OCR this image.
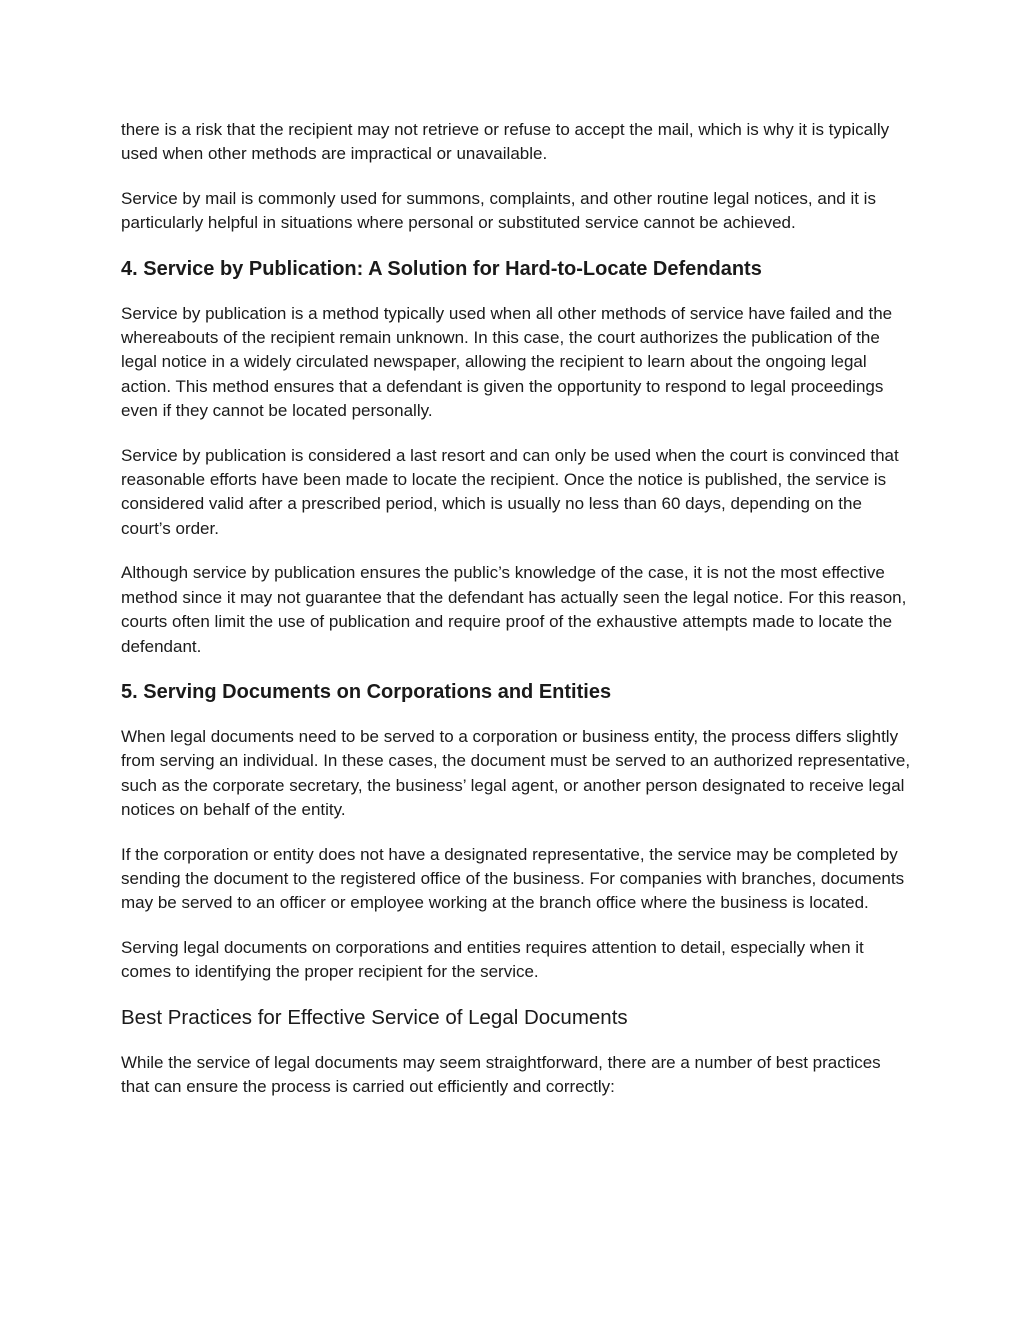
there is a risk that the recipient may not retrieve or refuse to accept the mail, which is why it is typically used when other methods are impractical or unavailable.

Service by mail is commonly used for summons, complaints, and other routine legal notices, and it is particularly helpful in situations where personal or substituted service cannot be achieved.

4. Service by Publication: A Solution for Hard-to-Locate Defendants

Service by publication is a method typically used when all other methods of service have failed and the whereabouts of the recipient remain unknown. In this case, the court authorizes the publication of the legal notice in a widely circulated newspaper, allowing the recipient to learn about the ongoing legal action. This method ensures that a defendant is given the opportunity to respond to legal proceedings even if they cannot be located personally.

Service by publication is considered a last resort and can only be used when the court is convinced that reasonable efforts have been made to locate the recipient. Once the notice is published, the service is considered valid after a prescribed period, which is usually no less than 60 days, depending on the court’s order.

Although service by publication ensures the public’s knowledge of the case, it is not the most effective method since it may not guarantee that the defendant has actually seen the legal notice. For this reason, courts often limit the use of publication and require proof of the exhaustive attempts made to locate the defendant.

5. Serving Documents on Corporations and Entities

When legal documents need to be served to a corporation or business entity, the process differs slightly from serving an individual. In these cases, the document must be served to an authorized representative, such as the corporate secretary, the business’ legal agent, or another person designated to receive legal notices on behalf of the entity.

If the corporation or entity does not have a designated representative, the service may be completed by sending the document to the registered office of the business. For companies with branches, documents may be served to an officer or employee working at the branch office where the business is located.

Serving legal documents on corporations and entities requires attention to detail, especially when it comes to identifying the proper recipient for the service.

Best Practices for Effective Service of Legal Documents

While the service of legal documents may seem straightforward, there are a number of best practices that can ensure the process is carried out efficiently and correctly:
